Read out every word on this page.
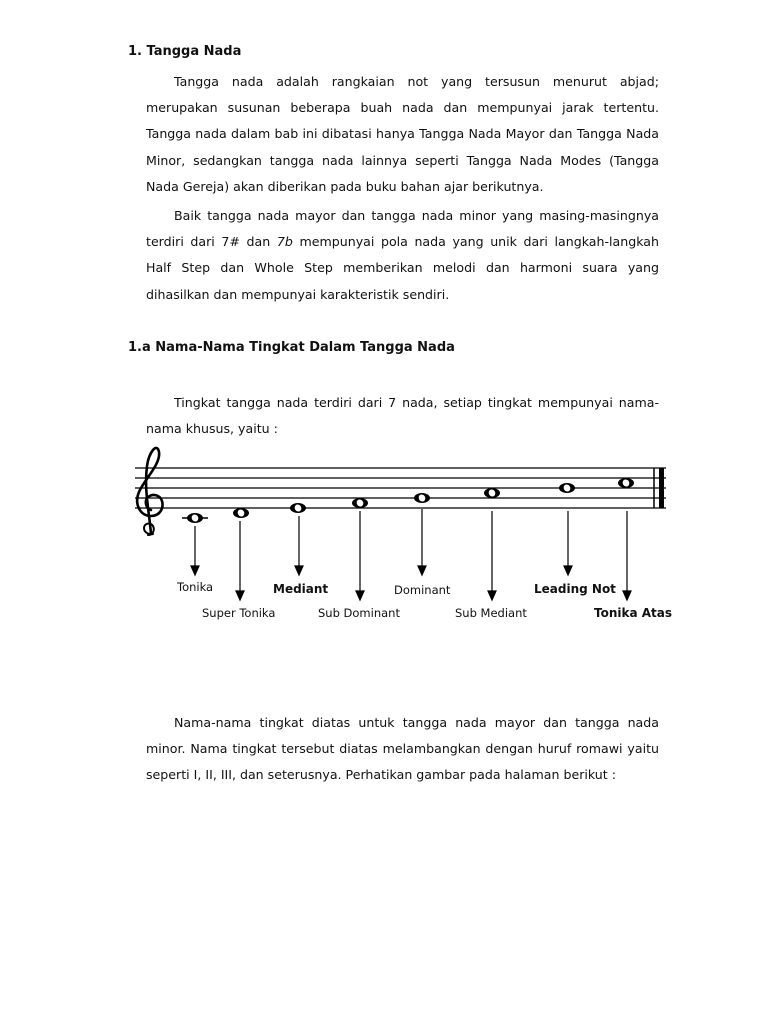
1. Tangga Nada

Tangga nada adalah rangkaian not yang tersusun menurut abjad; merupakan susunan beberapa buah nada dan mempunyai jarak tertentu. Tangga nada dalam bab ini dibatasi hanya Tangga Nada Mayor dan Tangga Nada Minor, sedangkan tangga nada lainnya seperti Tangga Nada Modes (Tangga Nada Gereja) akan diberikan pada buku bahan ajar berikutnya.

Baik tangga nada mayor dan tangga nada minor yang masing-masingnya terdiri dari 7# dan 7b mempunyai pola nada yang unik dari langkah-langkah Half Step dan Whole Step memberikan melodi dan harmoni suara yang dihasilkan dan mempunyai karakteristik sendiri.

1.a Nama-Nama Tingkat Dalam Tangga Nada

Tingkat tangga nada terdiri dari 7 nada, setiap tingkat mempunyai nama-nama khusus, yaitu :

Tonika
Super Tonika
Mediant
Sub Dominant
Dominant
Sub Mediant
Leading Not
Tonika Atas

Nama-nama tingkat diatas untuk tangga nada mayor dan tangga nada minor. Nama tingkat tersebut diatas melambangkan dengan huruf romawi yaitu seperti I, II, III, dan seterusnya. Perhatikan gambar pada halaman berikut :
